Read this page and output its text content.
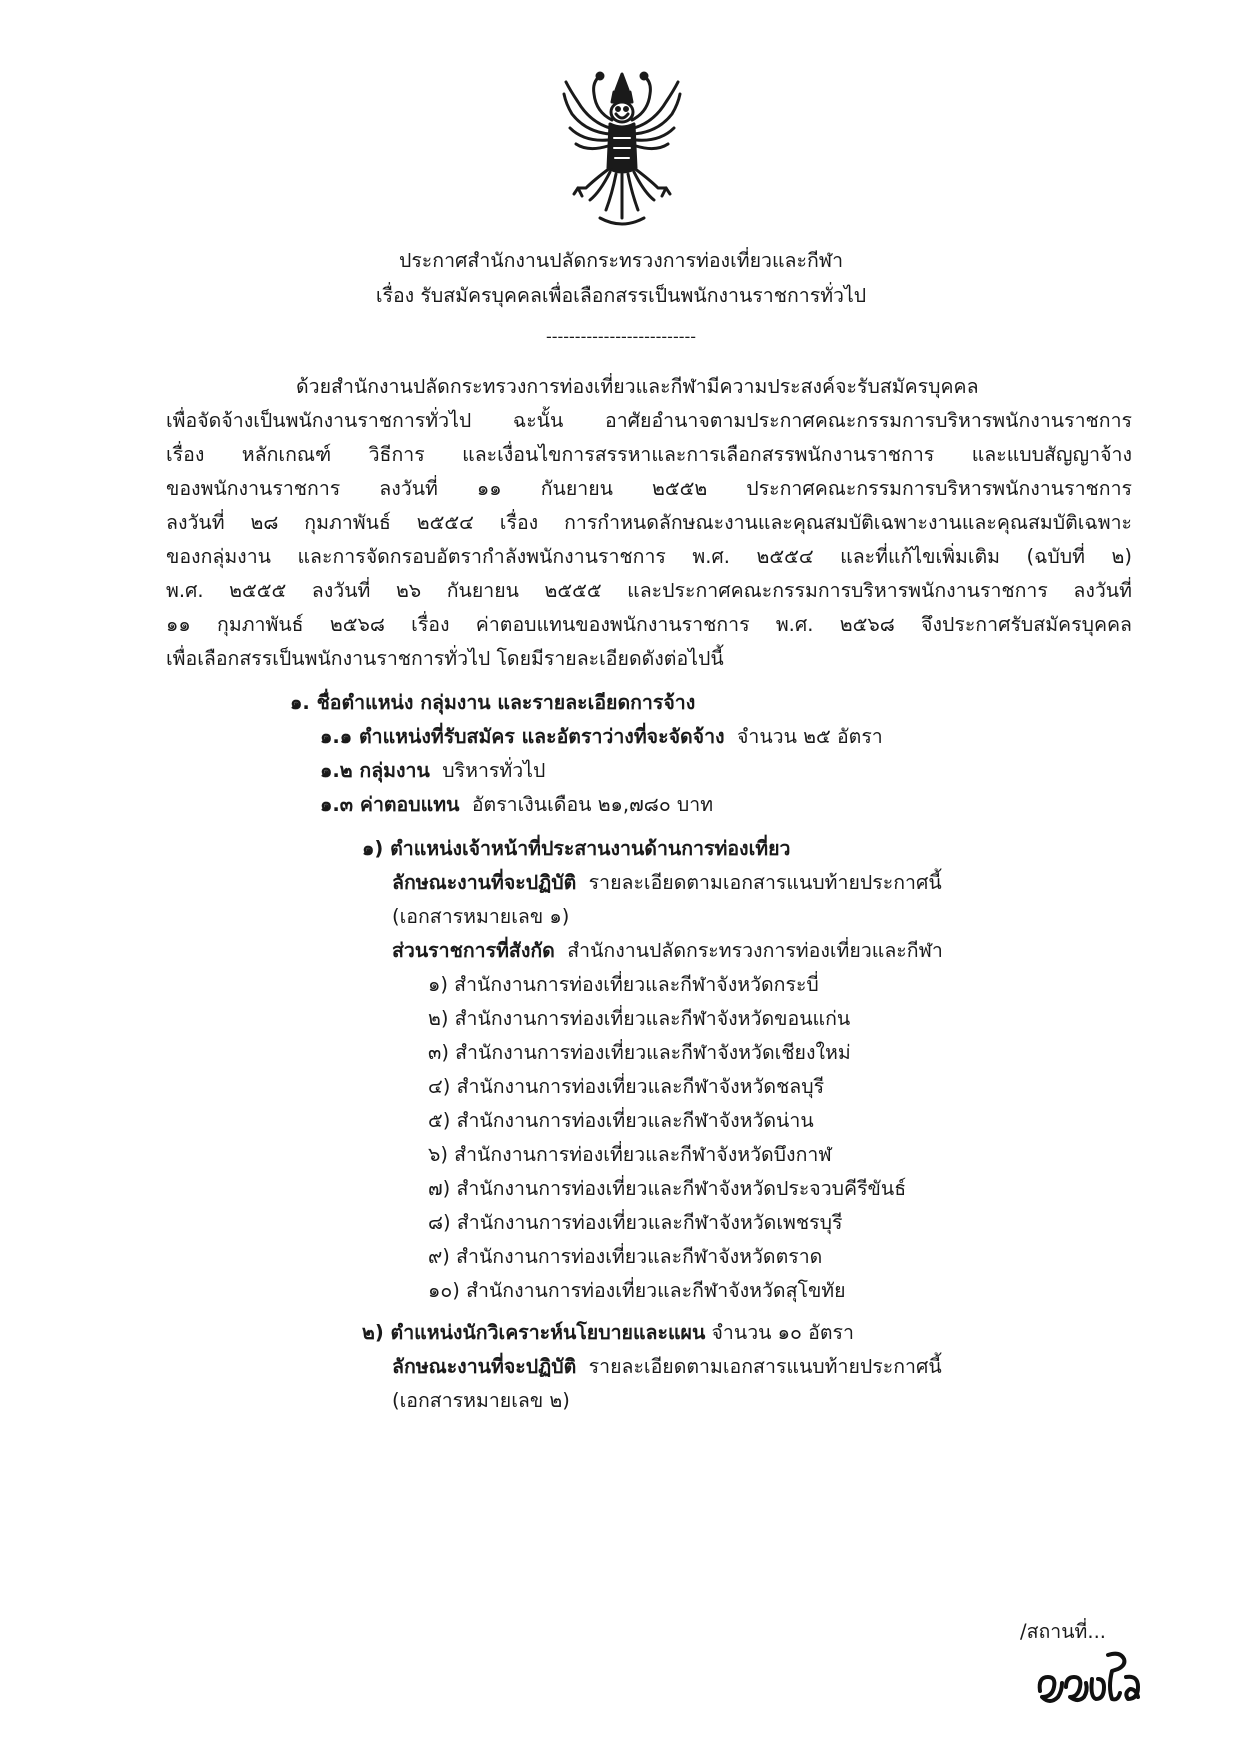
ประกาศสำนักงานปลัดกระทรวงการท่องเที่ยวและกีฬา
เรื่อง รับสมัครบุคคลเพื่อเลือกสรรเป็นพนักงานราชการทั่วไป
--------------------------
ด้วยสำนักงานปลัดกระทรวงการท่องเที่ยวและกีฬามีความประสงค์จะรับสมัครบุคคล
เพื่อจัดจ้างเป็นพนักงานราชการทั่วไป ฉะนั้น อาศัยอำนาจตามประกาศคณะกรรมการบริหารพนักงานราชการ
เรื่อง หลักเกณฑ์ วิธีการ และเงื่อนไขการสรรหาและการเลือกสรรพนักงานราชการ และแบบสัญญาจ้าง
ของพนักงานราชการ ลงวันที่ ๑๑ กันยายน ๒๕๕๒ ประกาศคณะกรรมการบริหารพนักงานราชการ
ลงวันที่ ๒๘ กุมภาพันธ์ ๒๕๕๔ เรื่อง การกำหนดลักษณะงานและคุณสมบัติเฉพาะงานและคุณสมบัติเฉพาะ
ของกลุ่มงาน และการจัดกรอบอัตรากำลังพนักงานราชการ พ.ศ. ๒๕๕๔ และที่แก้ไขเพิ่มเติม (ฉบับที่ ๒)
พ.ศ. ๒๕๕๕ ลงวันที่ ๒๖ กันยายน ๒๕๕๕ และประกาศคณะกรรมการบริหารพนักงานราชการ ลงวันที่
๑๑ กุมภาพันธ์ ๒๕๖๘ เรื่อง ค่าตอบแทนของพนักงานราชการ พ.ศ. ๒๕๖๘ จึงประกาศรับสมัครบุคคล
เพื่อเลือกสรรเป็นพนักงานราชการทั่วไป โดยมีรายละเอียดดังต่อไปนี้
๑. ชื่อตำแหน่ง กลุ่มงาน และรายละเอียดการจ้าง
๑.๑ ตำแหน่งที่รับสมัคร และอัตราว่างที่จะจัดจ้าง จำนวน ๒๕ อัตรา
๑.๒ กลุ่มงาน บริหารทั่วไป
๑.๓ ค่าตอบแทน อัตราเงินเดือน ๒๑,๗๘๐ บาท
๑) ตำแหน่งเจ้าหน้าที่ประสานงานด้านการท่องเที่ยว
ลักษณะงานที่จะปฏิบัติ รายละเอียดตามเอกสารแนบท้ายประกาศนี้
(เอกสารหมายเลข ๑)
ส่วนราชการที่สังกัด สำนักงานปลัดกระทรวงการท่องเที่ยวและกีฬา
๑) สำนักงานการท่องเที่ยวและกีฬาจังหวัดกระบี่
๒) สำนักงานการท่องเที่ยวและกีฬาจังหวัดขอนแก่น
๓) สำนักงานการท่องเที่ยวและกีฬาจังหวัดเชียงใหม่
๔) สำนักงานการท่องเที่ยวและกีฬาจังหวัดชลบุรี
๕) สำนักงานการท่องเที่ยวและกีฬาจังหวัดน่าน
๖) สำนักงานการท่องเที่ยวและกีฬาจังหวัดบึงกาฬ
๗) สำนักงานการท่องเที่ยวและกีฬาจังหวัดประจวบคีรีขันธ์
๘) สำนักงานการท่องเที่ยวและกีฬาจังหวัดเพชรบุรี
๙) สำนักงานการท่องเที่ยวและกีฬาจังหวัดตราด
๑๐) สำนักงานการท่องเที่ยวและกีฬาจังหวัดสุโขทัย
๒) ตำแหน่งนักวิเคราะห์นโยบายและแผน จำนวน ๑๐ อัตรา
ลักษณะงานที่จะปฏิบัติ รายละเอียดตามเอกสารแนบท้ายประกาศนี้
(เอกสารหมายเลข ๒)
/สถานที่...
